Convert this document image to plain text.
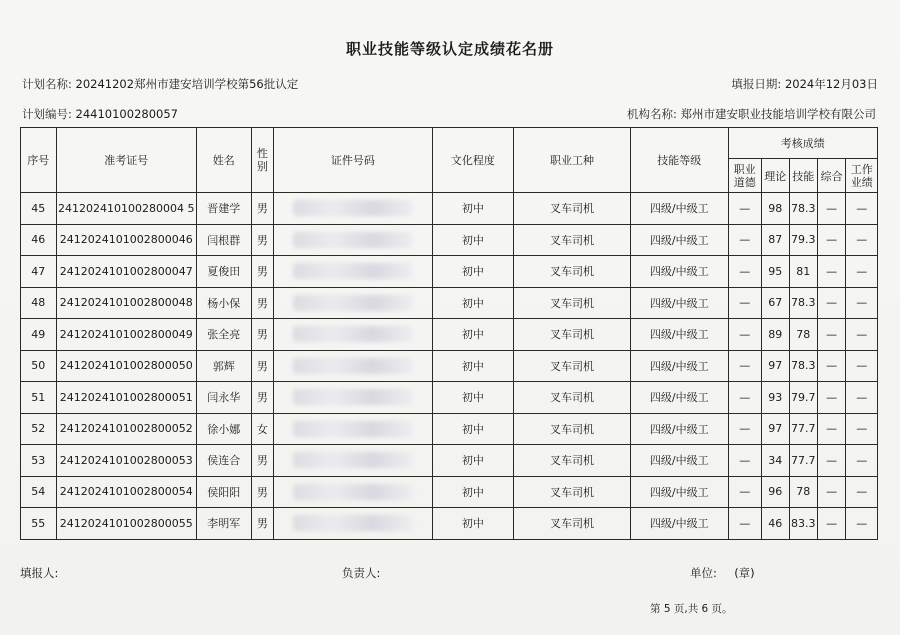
职业技能等级认定成绩花名册
计划名称: 20241202郑州市建安培训学校第56批认定	填报日期: 2024年12月03日
计划编号: 24410100280057	机构名称: 郑州市建安职业技能培训学校有限公司
序号	准考证号	姓名	性别	证件号码	文化程度	职业工种	技能等级	考核成绩				
								职业道德	理论	技能	综合	工作业绩
45	241202410100280004 5	晋建学	男		初中	叉车司机	四级/中级工	—	98	78.3	—	—
46	2412024101002800046	闫根群	男		初中	叉车司机	四级/中级工	—	87	79.3	—	—
47	2412024101002800047	夏俊田	男		初中	叉车司机	四级/中级工	—	95	81	—	—
48	2412024101002800048	杨小保	男		初中	叉车司机	四级/中级工	—	67	78.3	—	—
49	2412024101002800049	张全亮	男		初中	叉车司机	四级/中级工	—	89	78	—	—
50	2412024101002800050	郭辉	男		初中	叉车司机	四级/中级工	—	97	78.3	—	—
51	2412024101002800051	闫永华	男		初中	叉车司机	四级/中级工	—	93	79.7	—	—
52	2412024101002800052	徐小娜	女		初中	叉车司机	四级/中级工	—	97	77.7	—	—
53	2412024101002800053	侯连合	男		初中	叉车司机	四级/中级工	—	34	77.7	—	—
54	2412024101002800054	侯阳阳	男		初中	叉车司机	四级/中级工	—	96	78	—	—
55	2412024101002800055	李明军	男		初中	叉车司机	四级/中级工	—	46	83.3	—	—
填报人:	负责人:	单位: (章)
第 5 页,共 6 页。
